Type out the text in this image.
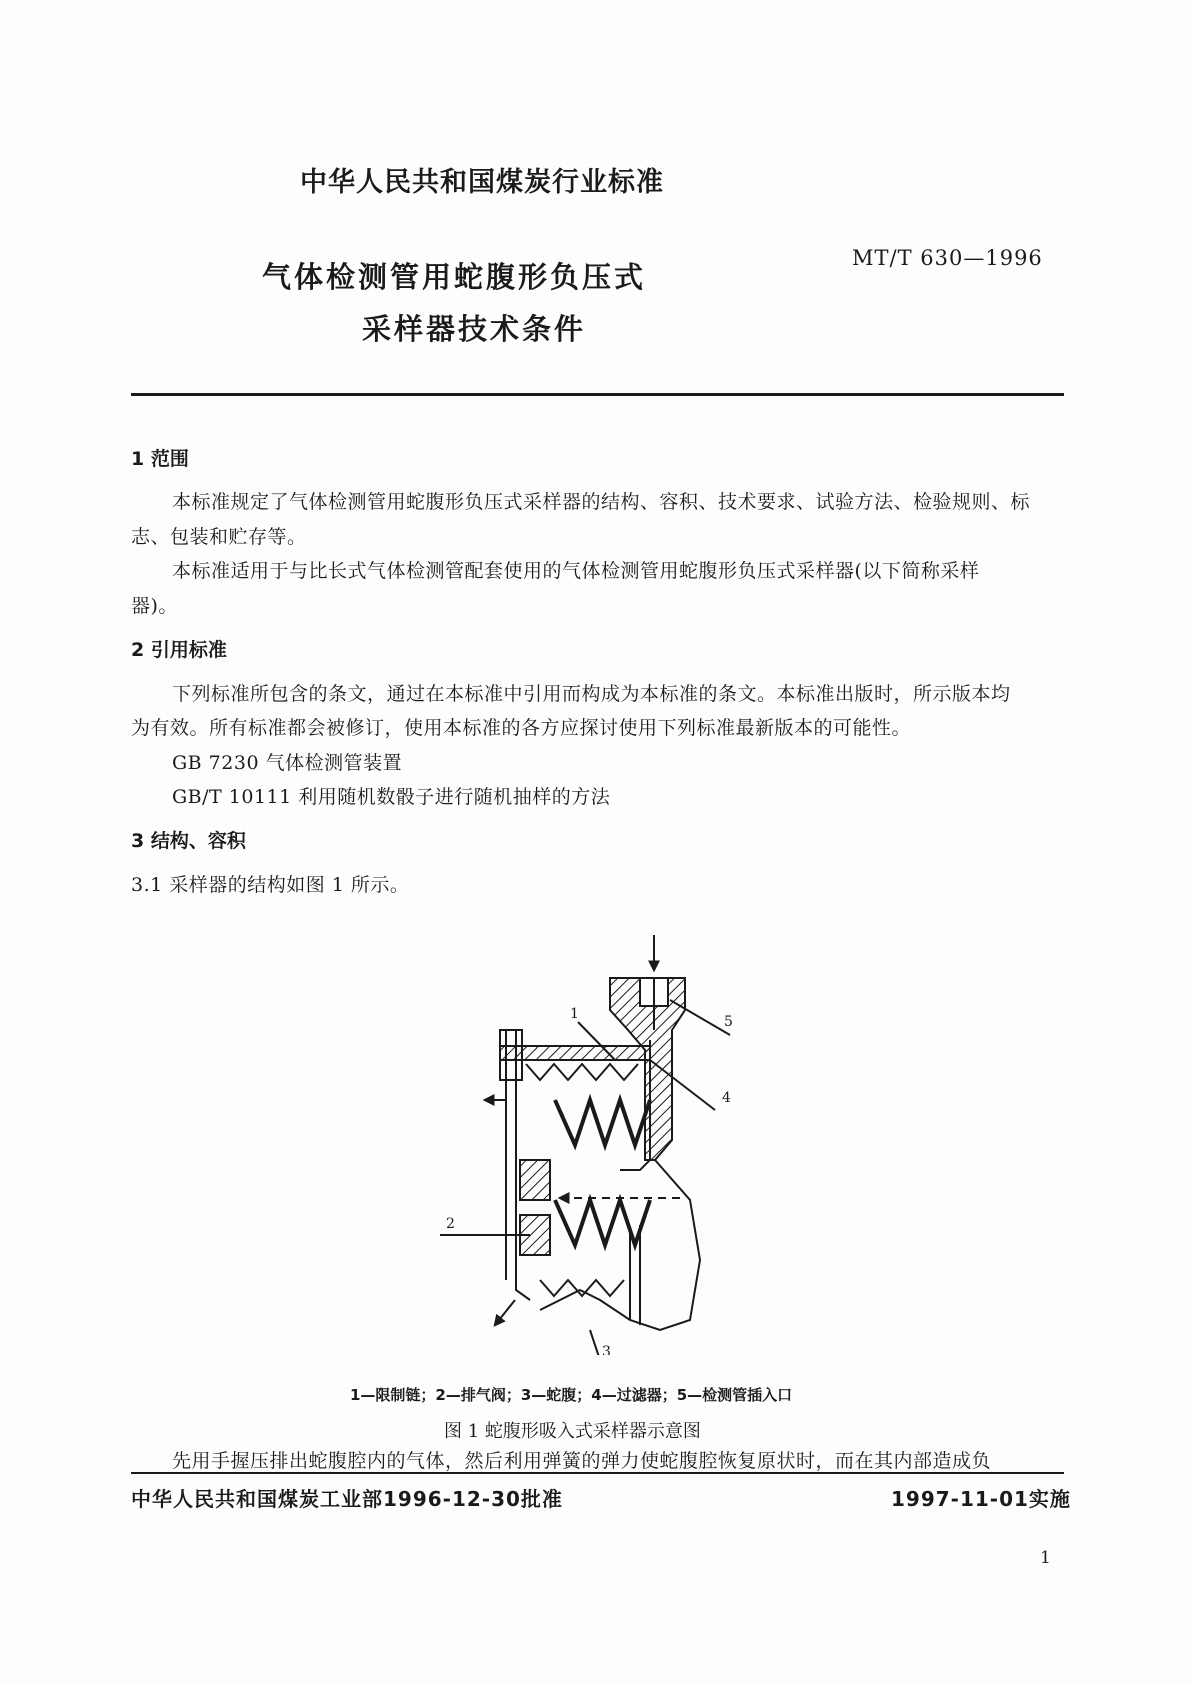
中华人民共和国煤炭行业标准
MT/T 630—1996
气体检测管用蛇腹形负压式
采样器技术条件
1 范围
本标准规定了气体检测管用蛇腹形负压式采样器的结构、容积、技术要求、试验方法、检验规则、标
志、包装和贮存等。
本标准适用于与比长式气体检测管配套使用的气体检测管用蛇腹形负压式采样器(以下简称采样
器)。
2 引用标准
下列标准所包含的条文，通过在本标准中引用而构成为本标准的条文。本标准出版时，所示版本均
为有效。所有标准都会被修订，使用本标准的各方应探讨使用下列标准最新版本的可能性。
GB 7230 气体检测管装置
GB/T 10111 利用随机数骰子进行随机抽样的方法
3 结构、容积
3.1 采样器的结构如图 1 所示。
1
2
3
4
5
1—限制链；2—排气阀；3—蛇腹；4—过滤器；5—检测管插入口
图 1 蛇腹形吸入式采样器示意图
先用手握压排出蛇腹腔内的气体，然后利用弹簧的弹力使蛇腹腔恢复原状时，而在其内部造成负
中华人民共和国煤炭工业部1996-12-30批准	1997-11-01实施
1
